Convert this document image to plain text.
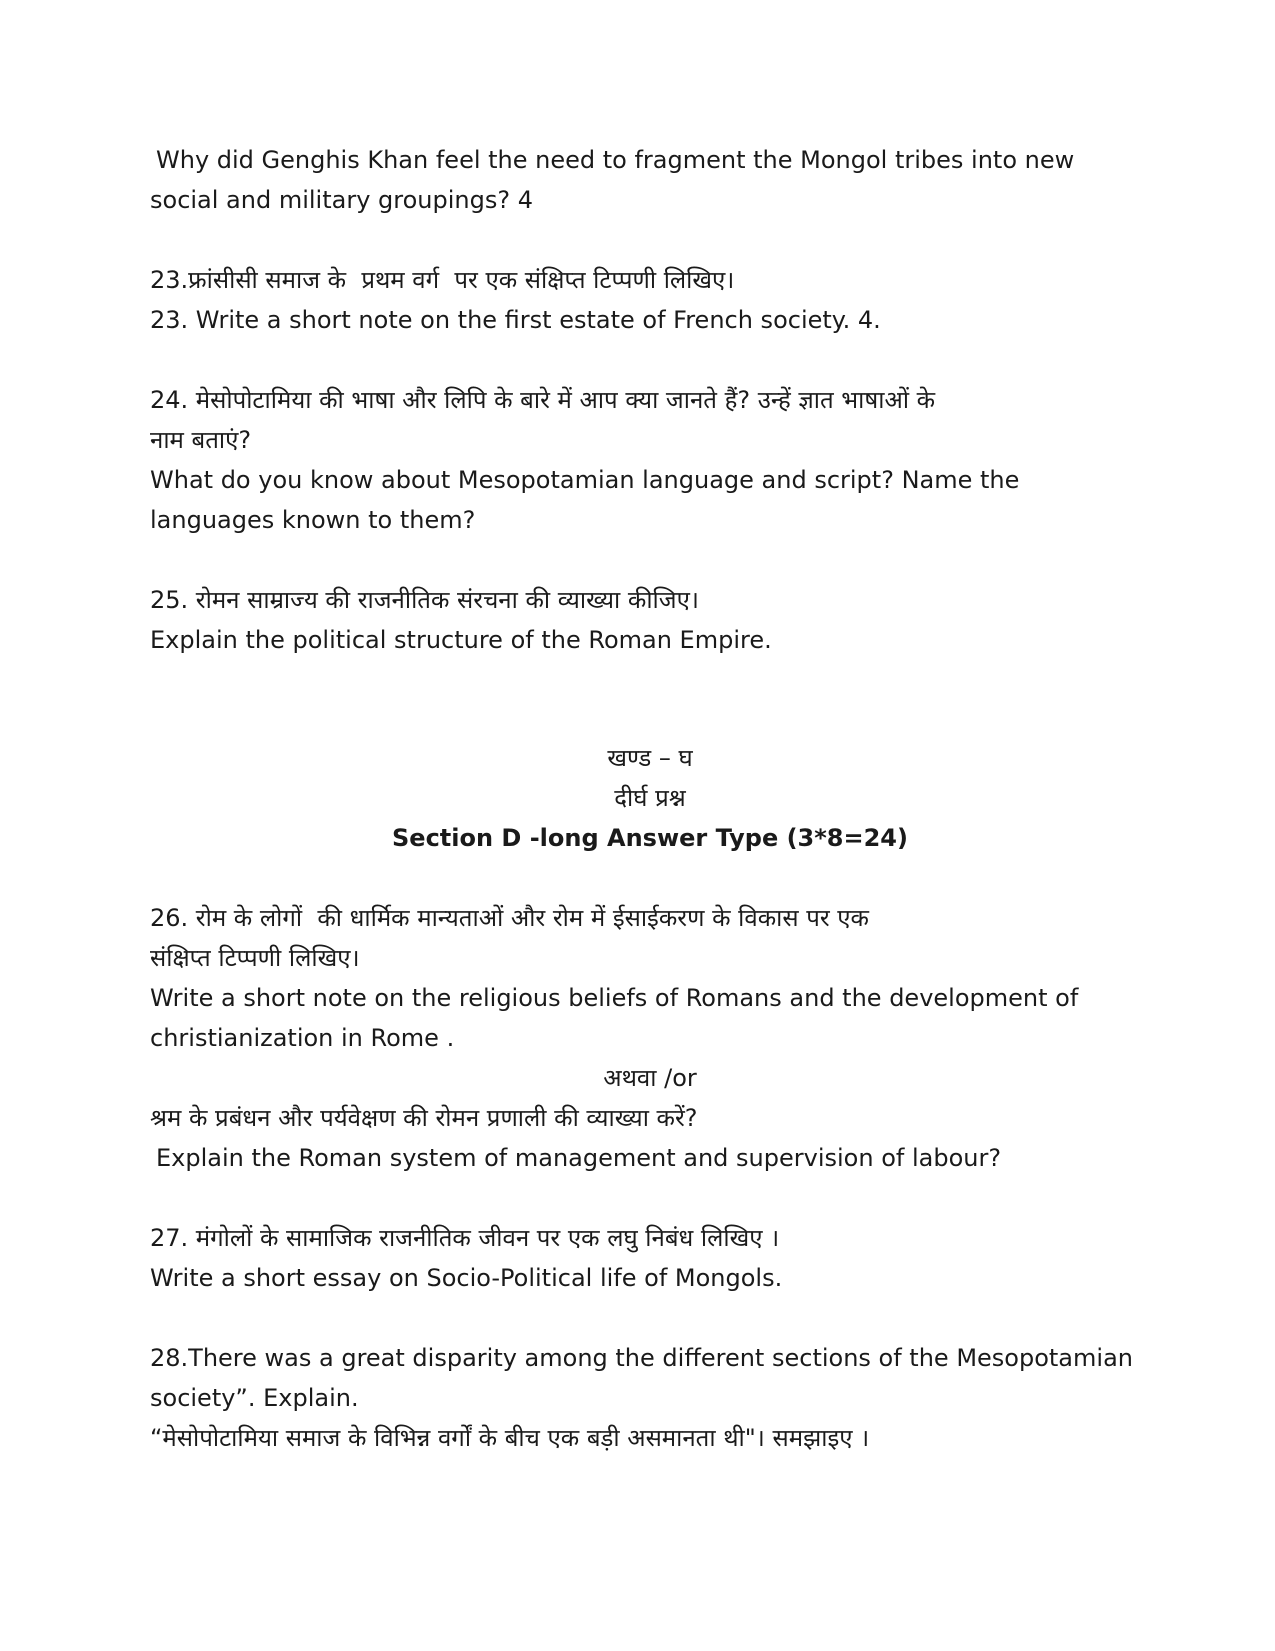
Why did Genghis Khan feel the need to fragment the Mongol tribes into new

social and military groupings? 4

23.फ्रांसीसी समाज के  प्रथम वर्ग  पर एक संक्षिप्त टिप्पणी लिखिए।

23. Write a short note on the first estate of French society. 4.

24. मेसोपोटामिया की भाषा और लिपि के बारे में आप क्या जानते हैं? उन्हें ज्ञात भाषाओं के

नाम बताएं?

What do you know about Mesopotamian language and script? Name the

languages known to them?

25. रोमन साम्राज्य की राजनीतिक संरचना की व्याख्या कीजिए।

Explain the political structure of the Roman Empire.

खण्ड – घ

दीर्घ प्रश्न

Section D -long Answer Type (3*8=24)

26. रोम के लोगों  की धार्मिक मान्यताओं और रोम में ईसाईकरण के विकास पर एक

संक्षिप्त टिप्पणी लिखिए।

Write a short note on the religious beliefs of Romans and the development of

christianization in Rome .

अथवा /or

श्रम के प्रबंधन और पर्यवेक्षण की रोमन प्रणाली की व्याख्या करें?

Explain the Roman system of management and supervision of labour?

27. मंगोलों के सामाजिक राजनीतिक जीवन पर एक लघु निबंध लिखिए ।

Write a short essay on Socio-Political life of Mongols.

28.There was a great disparity among the different sections of the Mesopotamian

society”. Explain.

“मेसोपोटामिया समाज के विभिन्न वर्गों के बीच एक बड़ी असमानता थी"। समझाइए ।
